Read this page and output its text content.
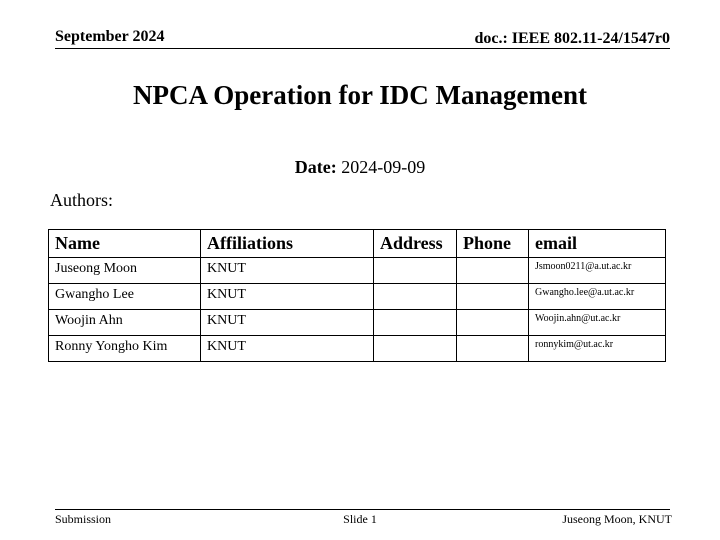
September 2024	doc.: IEEE 802.11-24/1547r0
NPCA Operation for IDC Management
Date: 2024-09-09
Authors:
Name	Affiliations	Address	Phone	email
Juseong Moon	KNUT			Jsmoon0211@a.ut.ac.kr
Gwangho Lee	KNUT			Gwangho.lee@a.ut.ac.kr
Woojin Ahn	KNUT			Woojin.ahn@ut.ac.kr
Ronny Yongho Kim	KNUT			ronnykim@ut.ac.kr
Submission	Slide 1	Juseong Moon, KNUT
